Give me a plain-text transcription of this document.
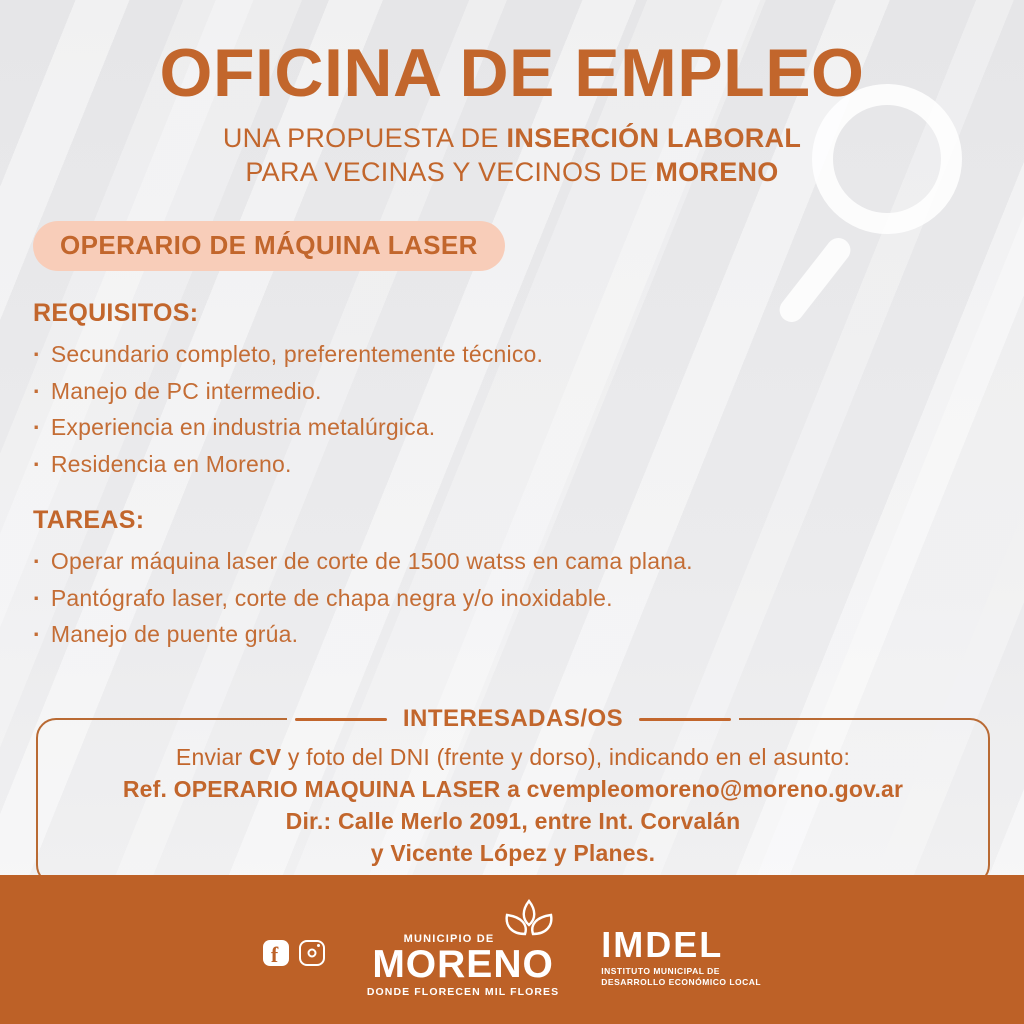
OFICINA DE EMPLEO
UNA PROPUESTA DE INSERCIÓN LABORAL
PARA VECINAS Y VECINOS DE MORENO
OPERARIO DE MÁQUINA LASER
REQUISITOS:
· Secundario completo, preferentemente técnico.
· Manejo de PC intermedio.
· Experiencia en industria metalúrgica.
· Residencia en Moreno.
TAREAS:
· Operar máquina laser de corte de 1500 watss en cama plana.
· Pantógrafo laser, corte de chapa negra y/o inoxidable.
· Manejo de puente grúa.
INTERESADAS/OS
Enviar CV y foto del DNI (frente y dorso), indicando en el asunto:
Ref. OPERARIO MAQUINA LASER a cvempleomoreno@moreno.gov.ar
Dir.: Calle Merlo 2091, entre Int. Corvalán
y Vicente López y Planes.
f
MUNICIPIO DE
MORENO
DONDE FLORECEN MIL FLORES
IMDEL
INSTITUTO MUNICIPAL DE
DESARROLLO ECONÓMICO LOCAL
